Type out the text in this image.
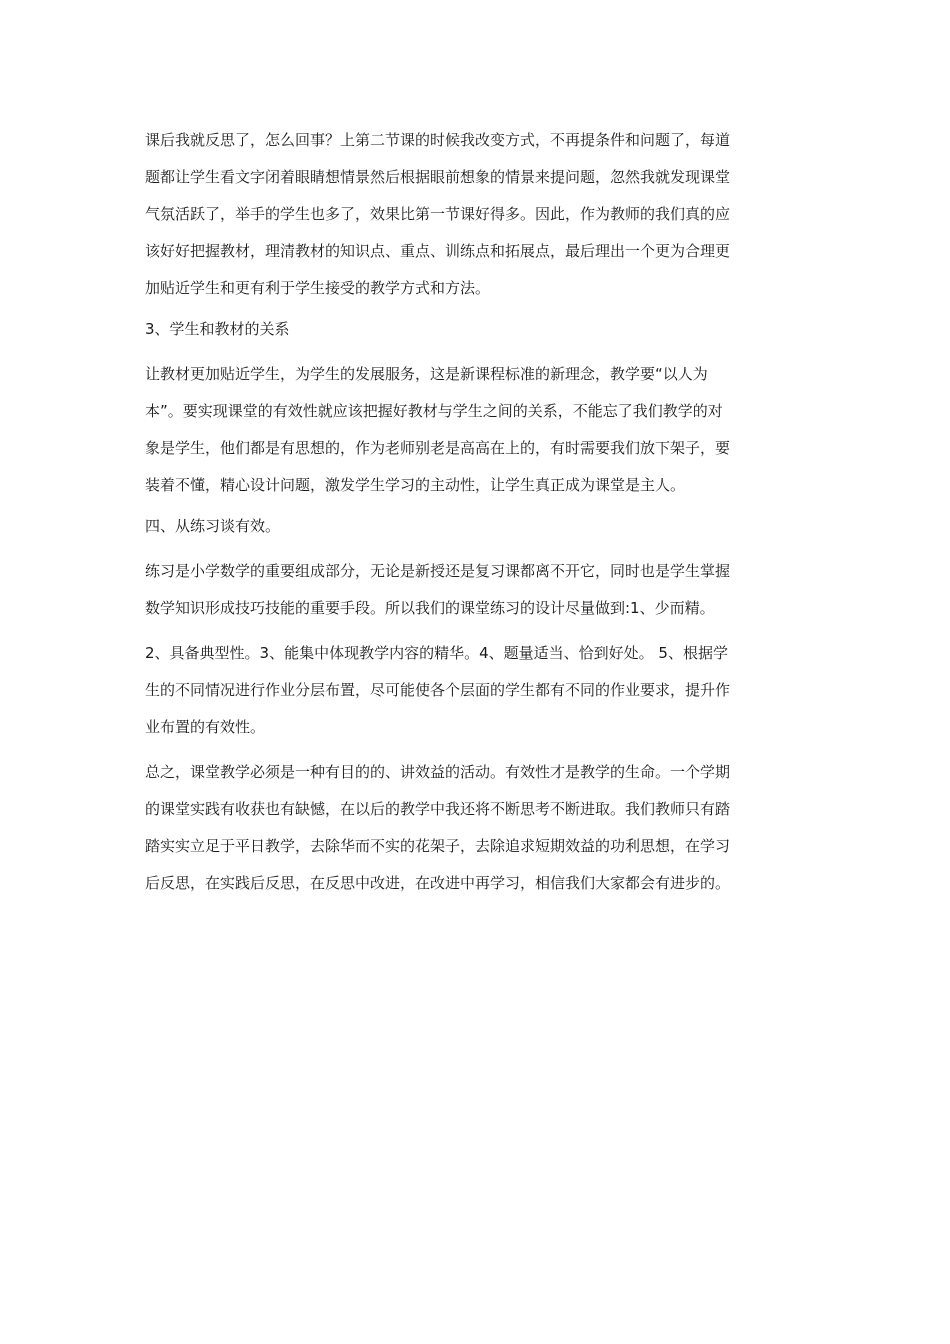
课后我就反思了，怎么回事？上第二节课的时候我改变方式，不再提条件和问题了，每道
题都让学生看文字闭着眼睛想情景然后根据眼前想象的情景来提问题，忽然我就发现课堂
气氛活跃了，举手的学生也多了，效果比第一节课好得多。因此，作为教师的我们真的应
该好好把握教材，理清教材的知识点、重点、训练点和拓展点，最后理出一个更为合理更
加贴近学生和更有利于学生接受的教学方式和方法。
3、学生和教材的关系
让教材更加贴近学生，为学生的发展服务，这是新课程标准的新理念，教学要“以人为
本”。要实现课堂的有效性就应该把握好教材与学生之间的关系，不能忘了我们教学的对
象是学生，他们都是有思想的，作为老师别老是高高在上的，有时需要我们放下架子，要
装着不懂，精心设计问题，激发学生学习的主动性，让学生真正成为课堂是主人。
四、从练习谈有效。
练习是小学数学的重要组成部分，无论是新授还是复习课都离不开它，同时也是学生掌握
数学知识形成技巧技能的重要手段。所以我们的课堂练习的设计尽量做到:1、少而精。
2、具备典型性。3、能集中体现教学内容的精华。4、题量适当、恰到好处。 5、根据学
生的不同情况进行作业分层布置，尽可能使各个层面的学生都有不同的作业要求，提升作
业布置的有效性。
总之，课堂教学必须是一种有目的的、讲效益的活动。有效性才是教学的生命。一个学期
的课堂实践有收获也有缺憾，在以后的教学中我还将不断思考不断进取。我们教师只有踏
踏实实立足于平日教学，去除华而不实的花架子，去除追求短期效益的功利思想，在学习
后反思，在实践后反思，在反思中改进，在改进中再学习，相信我们大家都会有进步的。
